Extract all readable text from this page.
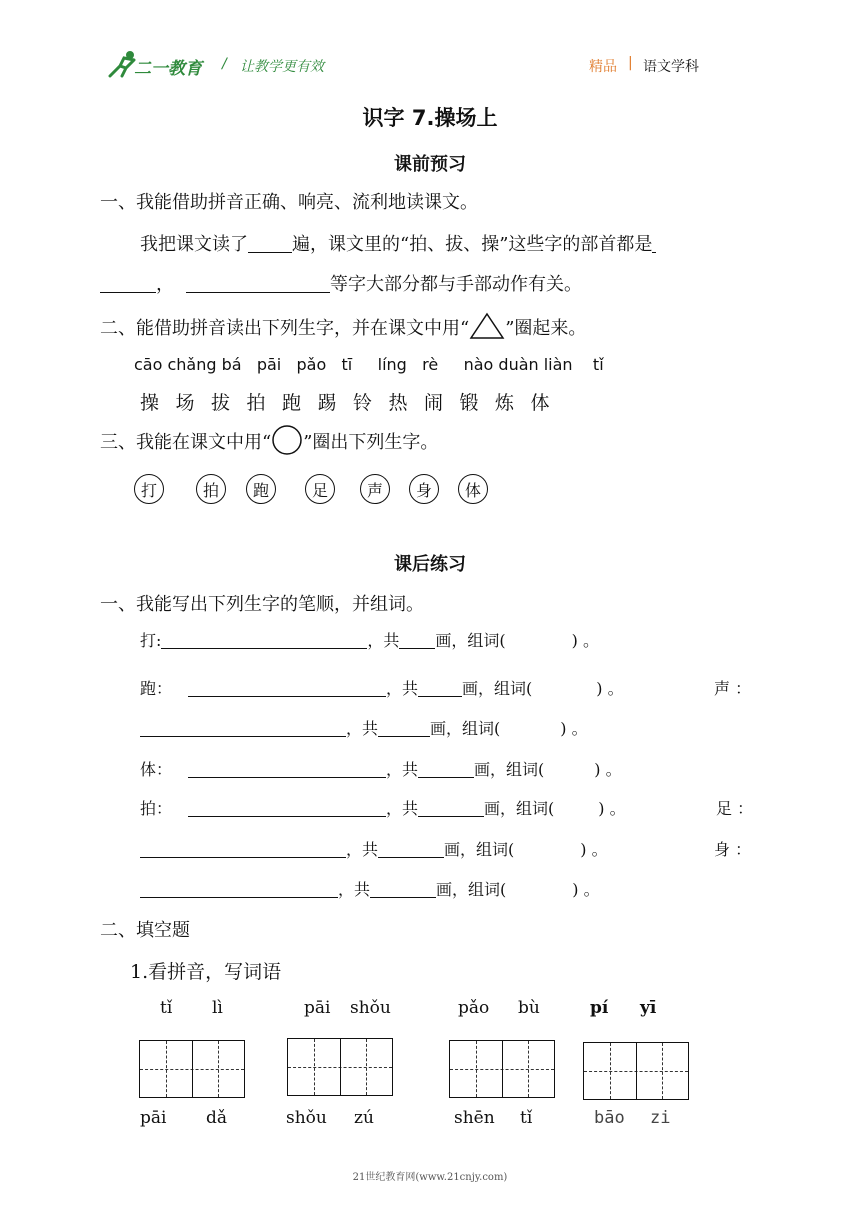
二一教育 / 让教学更有效	精品 | 语文学科
识字 7.操场上
课前预习
一、我能借助拼音正确、响亮、流利地读课文。
我把课文读了 遍，课文里的“拍、拔、操”这些字的部首都是
，	等字大部分都与手部动作有关。
二、能借助拼音读出下列生字，并在课文中用“ ”圈起来。
cāo chǎng bá   pāi   pǎo   tī     líng   rè     nào duàn liàn    tǐ
操 场 拔 拍 跑 踢 铃 热 闹 锻 炼 体
三、我能在课文中用“ ”圈出下列生字。
打	拍	跑	足	声	身	体
课后练习
一、我能写出下列生字的笔顺，并组词。
打:	，共 画，组词(	) 。
跑：	，共	画，组词(	) 。	声 ：
，共	画，组词(	) 。
体：	，共	画，组词(	) 。
拍：	，共	画，组词(	) 。	足 ：
，共	画，组词(	) 。	身 ：
，共	画，组词(	) 。
二、填空题
1.看拼音，写词语
tǐ lì	pāi shǒu	pǎo bù	pí yī
pāi dǎ	shǒu zú	shēn tǐ	bāo zi
21世纪教育网(www.21cnjy.com)
